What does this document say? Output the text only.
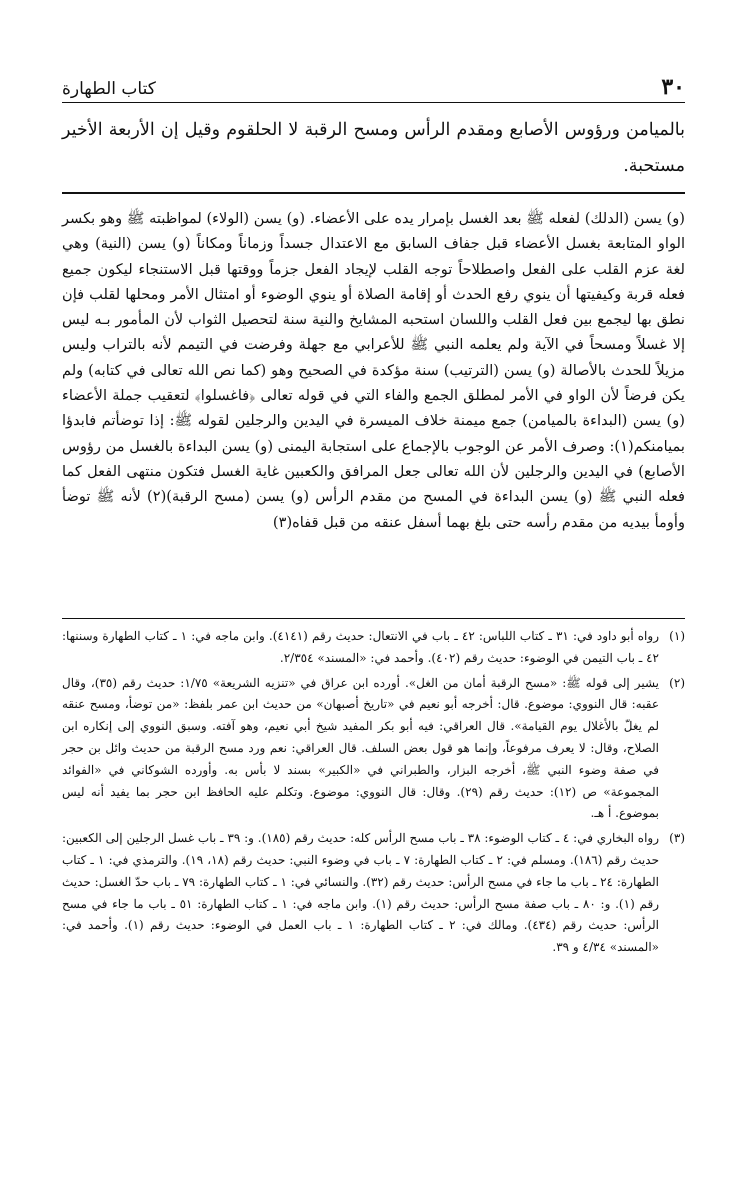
٣٠
كتاب الطهارة
بالميامن ورؤوس الأصابع ومقدم الرأس ومسح الرقبة لا الحلقوم وقيل إن الأربعة الأخير مستحبة.

(و) يسن (الدلك) لفعله ﷺ بعد الغسل بإمرار يده على الأعضاء. (و) يسن (الولاء) لمواظبته ﷺ وهو بكسر الواو المتابعة بغسل الأعضاء قبل جفاف السابق مع الاعتدال جسداً وزماناً ومكاناً (و) يسن (النية) وهي لغة عزم القلب على الفعل واصطلاحاً توجه القلب لإيجاد الفعل جزماً ووقتها قبل الاستنجاء ليكون جميع فعله قربة وكيفيتها أن ينوي رفع الحدث أو إقامة الصلاة أو ينوي الوضوء أو امتثال الأمر ومحلها لقلب فإن نطق بها ليجمع بين فعل القلب واللسان استحبه المشايخ والنية سنة لتحصيل الثواب لأن المأمور بـه ليس إلا غسلاً ومسحاً في الآية ولم يعلمه النبي ﷺ للأعرابي مع جهلة وفرضت في التيمم لأنه بالتراب وليس مزيلاً للحدث بالأصالة (و) يسن (الترتيب) سنة مؤكدة في الصحيح وهو (كما نص الله تعالى في كتابه) ولم يكن فرضاً لأن الواو في الأمر لمطلق الجمع والفاء التي في قوله تعالى ﴿فاغسلوا﴾ لتعقيب جملة الأعضاء (و) يسن (البداءة بالميامن) جمع ميمنة خلاف الميسرة في اليدين والرجلين لقوله ﷺ: إذا توضأتم فابدؤا بميامنكم(١): وصرف الأمر عن الوجوب بالإجماع على استجابة اليمنى (و) يسن البداءة بالغسل من رؤوس الأصابع) في اليدين والرجلين لأن الله تعالى جعل المرافق والكعبين غاية الغسل فتكون منتهى الفعل كما فعله النبي ﷺ (و) يسن البداءة في المسح من مقدم الرأس (و) يسن (مسح الرقبة)(٢) لأنه ﷺ توضأ وأومأ بيديه من مقدم رأسه حتى بلغ بهما أسفل عنقه من قبل قفاه(٣)

(١)
رواه أبو داود في: ٣١ ـ كتاب اللباس: ٤٢ ـ باب في الانتعال: حديث رقم (٤١٤١). وابن ماجه في: ١ ـ كتاب الطهارة وسننها: ٤٢ ـ باب التيمن في الوضوء: حديث رقم (٤٠٢). وأحمد في: «المسند» ٢/٣٥٤.
(٢)
يشير إلى قوله ﷺ: «مسح الرقبة أمان من الغل». أورده ابن عراق في «تنزيه الشريعة» ١/٧٥: حديث رقم (٣٥)، وقال عقبه: قال النووي: موضوع. قال: أخرجه أبو نعيم في «تاريخ أصبهان» من حديث ابن عمر بلفظ: «من توضأ، ومسح عنقه لم يغلّ بالأغلال يوم القيامة». قال العراقي: فيه أبو بكر المفيد شيخ أبي نعيم، وهو آفته. وسبق النووي إلى إنكاره ابن الصلاح، وقال: لا يعرف مرفوعاً، وإنما هو قول بعض السلف. قال العراقي: نعم ورد مسح الرقبة من حديث وائل بن حجر في صفة وضوء النبي ﷺ، أخرجه البزار، والطبراني في «الكبير» بسند لا بأس به. وأورده الشوكاني في «الفوائد المجموعة» ص (١٢): حديث رقم (٢٩). وقال: قال النووي: موضوع. وتكلم عليه الحافظ ابن حجر بما يفيد أنه ليس بموضوع. أ هـ.
(٣)
رواه البخاري في: ٤ ـ كتاب الوضوء: ٣٨ ـ باب مسح الرأس كله: حديث رقم (١٨٥). و: ٣٩ ـ باب غسل الرجلين إلى الكعبين: حديث رقم (١٨٦). ومسلم في: ٢ ـ كتاب الطهارة: ٧ ـ باب في وضوء النبي: حديث رقم (١٨، ١٩). والترمذي في: ١ ـ كتاب الطهارة: ٢٤ ـ باب ما جاء في مسح الرأس: حديث رقم (٣٢). والنسائي في: ١ ـ كتاب الطهارة: ٧٩ ـ باب حدّ الغسل: حديث رقم (١). و: ٨٠ ـ باب صفة مسح الرأس: حديث رقم (١). وابن ماجه في: ١ ـ كتاب الطهارة: ٥١ ـ باب ما جاء في مسح الرأس: حديث رقم (٤٣٤). ومالك في: ٢ ـ كتاب الطهارة: ١ ـ باب العمل في الوضوء: حديث رقم (١). وأحمد في: «المسند» ٤/٣٤ و ٣٩.
